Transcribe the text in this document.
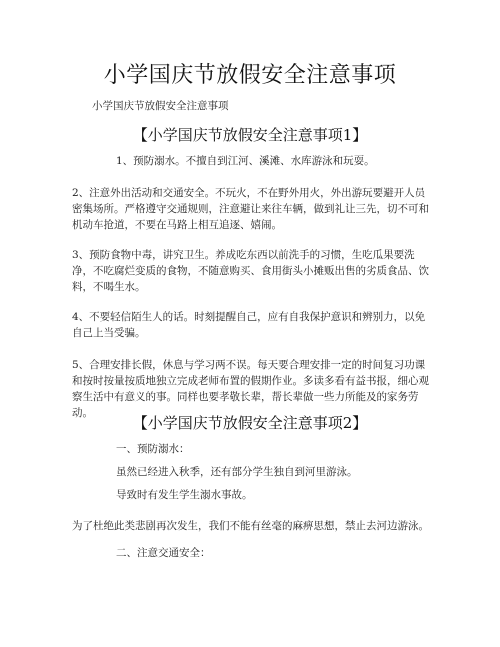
小学国庆节放假安全注意事项
小学国庆节放假安全注意事项
【小学国庆节放假安全注意事项1】

1、预防溺水。不擅自到江河、溪滩、水库游泳和玩耍。

2、注意外出活动和交通安全。不玩火，不在野外用火，外出游玩要避开人员密集场所。严格遵守交通规则，注意避让来往车辆，做到礼让三先，切不可和机动车抢道，不要在马路上相互追逐、嬉闹。

3、预防食物中毒，讲究卫生。养成吃东西以前洗手的习惯，生吃瓜果要洗净，不吃腐烂变质的食物，不随意购买、食用街头小摊贩出售的劣质食品、饮料，不喝生水。

4、不要轻信陌生人的话。时刻提醒自己，应有自我保护意识和辨别力，以免自己上当受骗。

5、合理安排长假，休息与学习两不误。每天要合理安排一定的时间复习功课和按时按量按质地独立完成老师布置的假期作业。多读多看有益书报，细心观察生活中有意义的事。同样也要孝敬长辈，帮长辈做一些力所能及的家务劳动。

【小学国庆节放假安全注意事项2】

一、预防溺水：

虽然已经进入秋季，还有部分学生独自到河里游泳。

导致时有发生学生溺水事故。

为了杜绝此类悲剧再次发生，我们不能有丝毫的麻痹思想，禁止去河边游泳。

二、注意交通安全：
